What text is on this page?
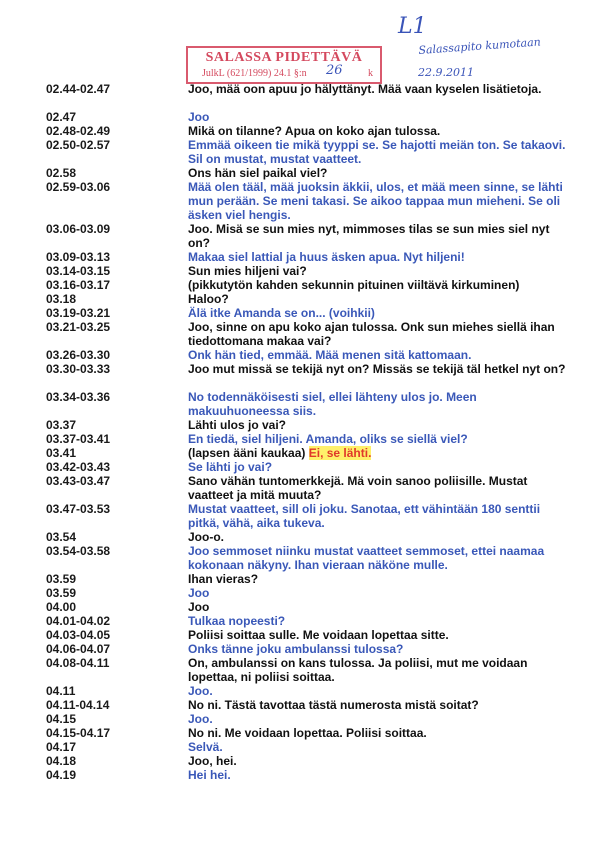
L1
Salassapito kumotaan
22.9.2011
SALASSA PIDETTÄVÄ
JulkL (621/1999) 24.1 §:n 26	k
02.44-02.47	Joo, mää oon apuu jo hälyttänyt. Mää vaan kyselen lisätietoja.
02.47	Joo
02.48-02.49	Mikä on tilanne? Apua on koko ajan tulossa.
02.50-02.57	Emmää oikeen tie mikä tyyppi se. Se hajotti meiän ton. Se takaovi. Sil on mustat, mustat vaatteet.
02.58	Ons hän siel paikal viel?
02.59-03.06	Mää olen tääl, mää juoksin äkkii, ulos, et mää meen sinne, se lähti mun perään. Se meni takasi. Se aikoo tappaa mun mieheni. Se oli äsken viel hengis.
03.06-03.09	Joo. Misä se sun mies nyt, mimmoses tilas se sun mies siel nyt on?
03.09-03.13	Makaa siel lattial ja huus äsken apua. Nyt hiljeni!
03.14-03.15	Sun mies hiljeni vai?
03.16-03.17	(pikkutytön kahden sekunnin pituinen viiltävä kirkuminen)
03.18	Haloo?
03.19-03.21	Älä itke Amanda se on... (voihkii)
03.21-03.25	Joo, sinne on apu koko ajan tulossa. Onk sun miehes siellä ihan tiedottomana makaa vai?
03.26-03.30	Onk hän tied, emmää. Mää menen sitä kattomaan.
03.30-03.33	Joo mut missä se tekijä nyt on? Missäs se tekijä täl hetkel nyt on?
03.34-03.36	No todennäköisesti siel, ellei lähteny ulos jo. Meen makuuhuoneessa siis.
03.37	Lähti ulos jo vai?
03.37-03.41	En tiedä, siel hiljeni. Amanda, oliks se siellä viel?
03.41	(lapsen ääni kaukaa) Ei, se lähti.
03.42-03.43	Se lähti jo vai?
03.43-03.47	Sano vähän tuntomerkkejä. Mä voin sanoo poliisille. Mustat vaatteet ja mitä muuta?
03.47-03.53	Mustat vaatteet, sill oli joku. Sanotaa, ett vähintään 180 senttii pitkä, vähä, aika tukeva.
03.54	Joo-o.
03.54-03.58	Joo semmoset niinku mustat vaatteet semmoset, ettei naamaa kokonaan näkyny. Ihan vieraan näköne mulle.
03.59	Ihan vieras?
03.59	Joo
04.00	Joo
04.01-04.02	Tulkaa nopeesti?
04.03-04.05	Poliisi soittaa sulle. Me voidaan lopettaa sitte.
04.06-04.07	Onks tänne joku ambulanssi tulossa?
04.08-04.11	On, ambulanssi on kans tulossa. Ja poliisi, mut me voidaan lopettaa, ni poliisi soittaa.
04.11	Joo.
04.11-04.14	No ni. Tästä tavottaa tästä numerosta mistä soitat?
04.15	Joo.
04.15-04.17	No ni. Me voidaan lopettaa. Poliisi soittaa.
04.17	Selvä.
04.18	Joo, hei.
04.19	Hei hei.
